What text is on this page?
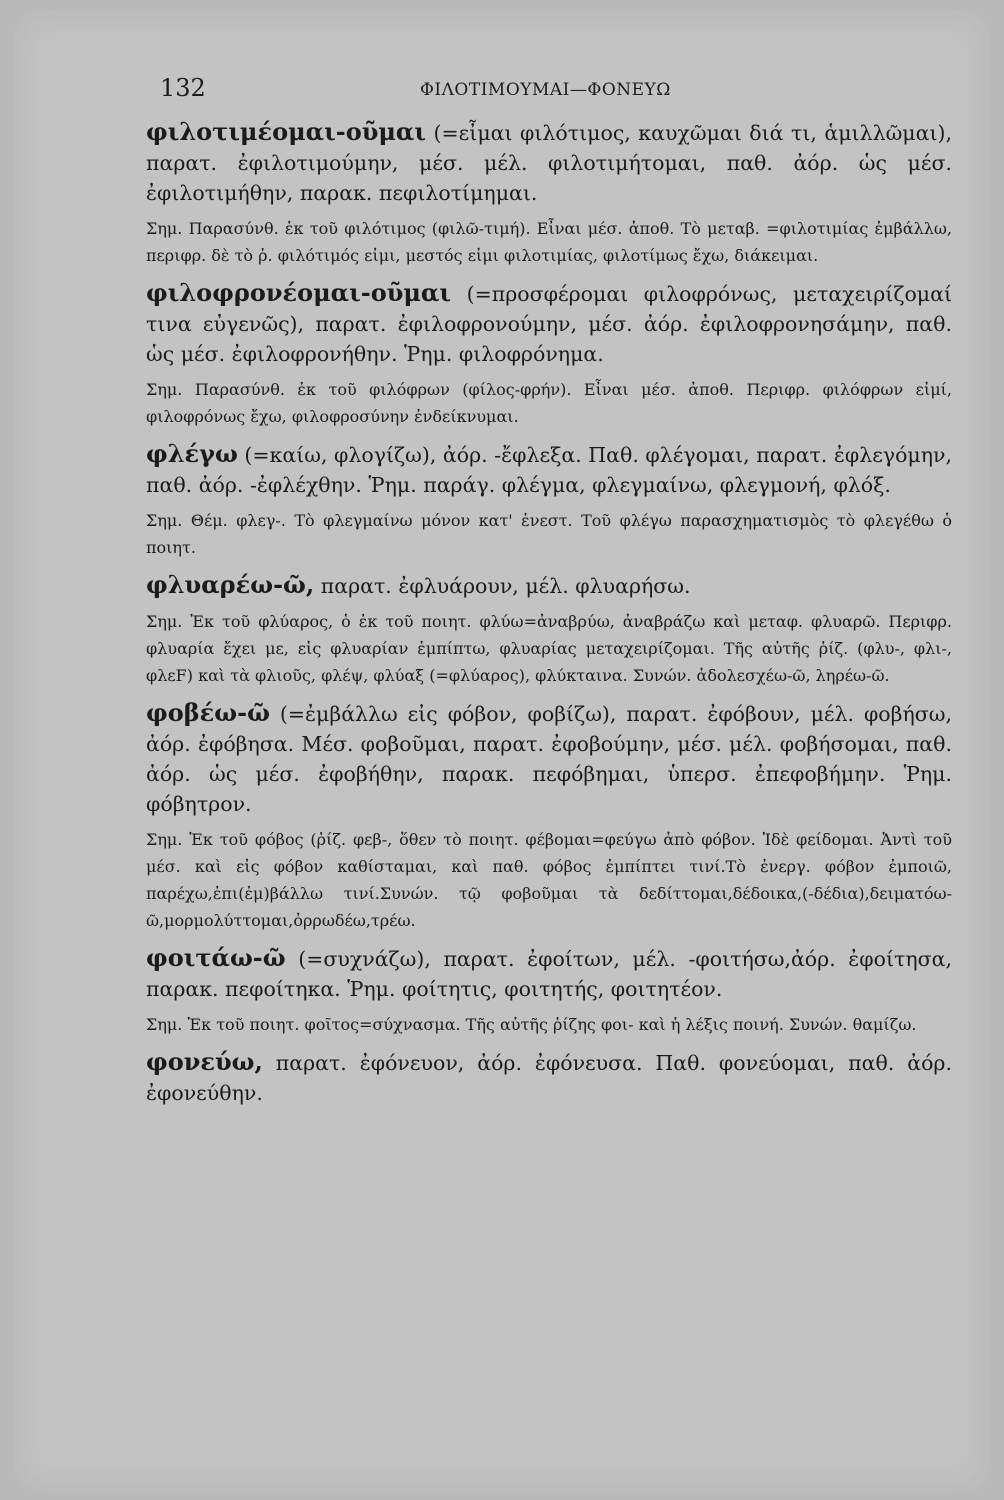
132	ΦΙΛΟΤΙΜΟΥΜΑΙ—ΦΟΝΕΥΩ

φιλοτιμέομαι-οῦμαι (=εἶμαι φιλότιμος, καυχῶμαι διά τι, ἁμιλλῶμαι), παρατ. ἐφιλοτιμούμην, μέσ. μέλ. φιλοτιμήτομαι, παθ. ἀόρ. ὡς μέσ. ἐφιλοτιμήθην, παρακ. πεφιλοτίμημαι.

Σημ. Παρασύνθ. ἐκ τοῦ φιλότιμος (φιλῶ-τιμή). Εἶναι μέσ. ἀποθ. Τὸ μεταβ. =φιλοτιμίας ἐμβάλλω, περιφρ. δὲ τὸ ῥ. φιλότιμός εἰμι, μεστός εἰμι φιλοτιμίας, φιλοτίμως ἔχω, διάκειμαι.

φιλοφρονέομαι-οῦμαι (=προσφέρομαι φιλοφρόνως, μεταχειρίζομαί τινα εὐγενῶς), παρατ. ἐφιλοφρονούμην, μέσ. ἀόρ. ἐφιλοφρονησάμην, παθ. ὡς μέσ. ἐφιλοφρονήθην. Ῥημ. φιλοφρόνημα.

Σημ. Παρασύνθ. ἐκ τοῦ φιλόφρων (φίλος-φρήν). Εἶναι μέσ. ἀποθ. Περιφρ. φιλόφρων εἰμί, φιλοφρόνως ἔχω, φιλοφροσύνην ἐνδείκνυμαι.

φλέγω (=καίω, φλογίζω), ἀόρ. -ἔφλεξα. Παθ. φλέγομαι, παρατ. ἐφλεγόμην, παθ. ἀόρ. -ἐφλέχθην. Ῥημ. παράγ. φλέγμα, φλεγμαίνω, φλεγμονή, φλόξ.

Σημ. Θέμ. φλεγ-. Τὸ φλεγμαίνω μόνον κατ' ἐνεστ. Τοῦ φλέγω παρασχηματισμὸς τὸ φλεγέθω ὁ ποιητ.

φλυαρέω-ῶ, παρατ. ἐφλυάρουν, μέλ. φλυαρήσω.

Σημ. Ἐκ τοῦ φλύαρος, ὁ ἐκ τοῦ ποιητ. φλύω=ἀναβρύω, ἀναβράζω καὶ μεταφ. φλυαρῶ. Περιφρ. φλυαρία ἔχει με, εἰς φλυαρίαν ἐμπίπτω, φλυαρίας μεταχειρίζομαι. Τῆς αὐτῆς ῥίζ. (φλυ-, φλι-, φλεF) καὶ τὰ φλιοῦς, φλέψ, φλύαξ (=φλύαρος), φλύκταινα. Συνών. ἀδολεσχέω-ῶ, ληρέω-ῶ.

φοβέω-ῶ (=ἐμβάλλω εἰς φόβον, φοβίζω), παρατ. ἐφόβουν, μέλ. φοβήσω, ἀόρ. ἐφόβησα. Μέσ. φοβοῦμαι, παρατ. ἐφοβούμην, μέσ. μέλ. φοβήσομαι, παθ. ἀόρ. ὡς μέσ. ἐφοβήθην, παρακ. πεφόβημαι, ὑπερσ. ἐπεφοβήμην. Ῥημ. φόβητρον.

Σημ. Ἐκ τοῦ φόβος (ῥίζ. φεβ-, ὅθεν τὸ ποιητ. φέβομαι=φεύγω ἀπὸ φόβον. Ἰδὲ φείδομαι. Ἀντὶ τοῦ μέσ. καὶ εἰς φόβον καθίσταμαι, καὶ παθ. φόβος ἐμπίπτει τινί.Τὸ ἐνεργ. φόβον ἐμποιῶ, παρέχω,ἐπι(ἐμ)βάλλω τινί.Συνών. τῷ φοβοῦμαι τὰ δεδίττομαι,δέδοικα,(-δέδια),δειματόω-ῶ,μορμολύττομαι,ὀρρωδέω,τρέω.

φοιτάω-ῶ (=συχνάζω), παρατ. ἐφοίτων, μέλ. -φοιτήσω,ἀόρ. ἐφοίτησα, παρακ. πεφοίτηκα. Ῥημ. φοίτητις, φοιτητής, φοιτητέον.

Σημ. Ἐκ τοῦ ποιητ. φοῖτος=σύχνασμα. Τῆς αὐτῆς ῥίζης φοι- καὶ ἡ λέξις ποινή. Συνών. θαμίζω.

φονεύω, παρατ. ἐφόνευον, ἀόρ. ἐφόνευσα. Παθ. φονεύομαι, παθ. ἀόρ. ἐφονεύθην.
